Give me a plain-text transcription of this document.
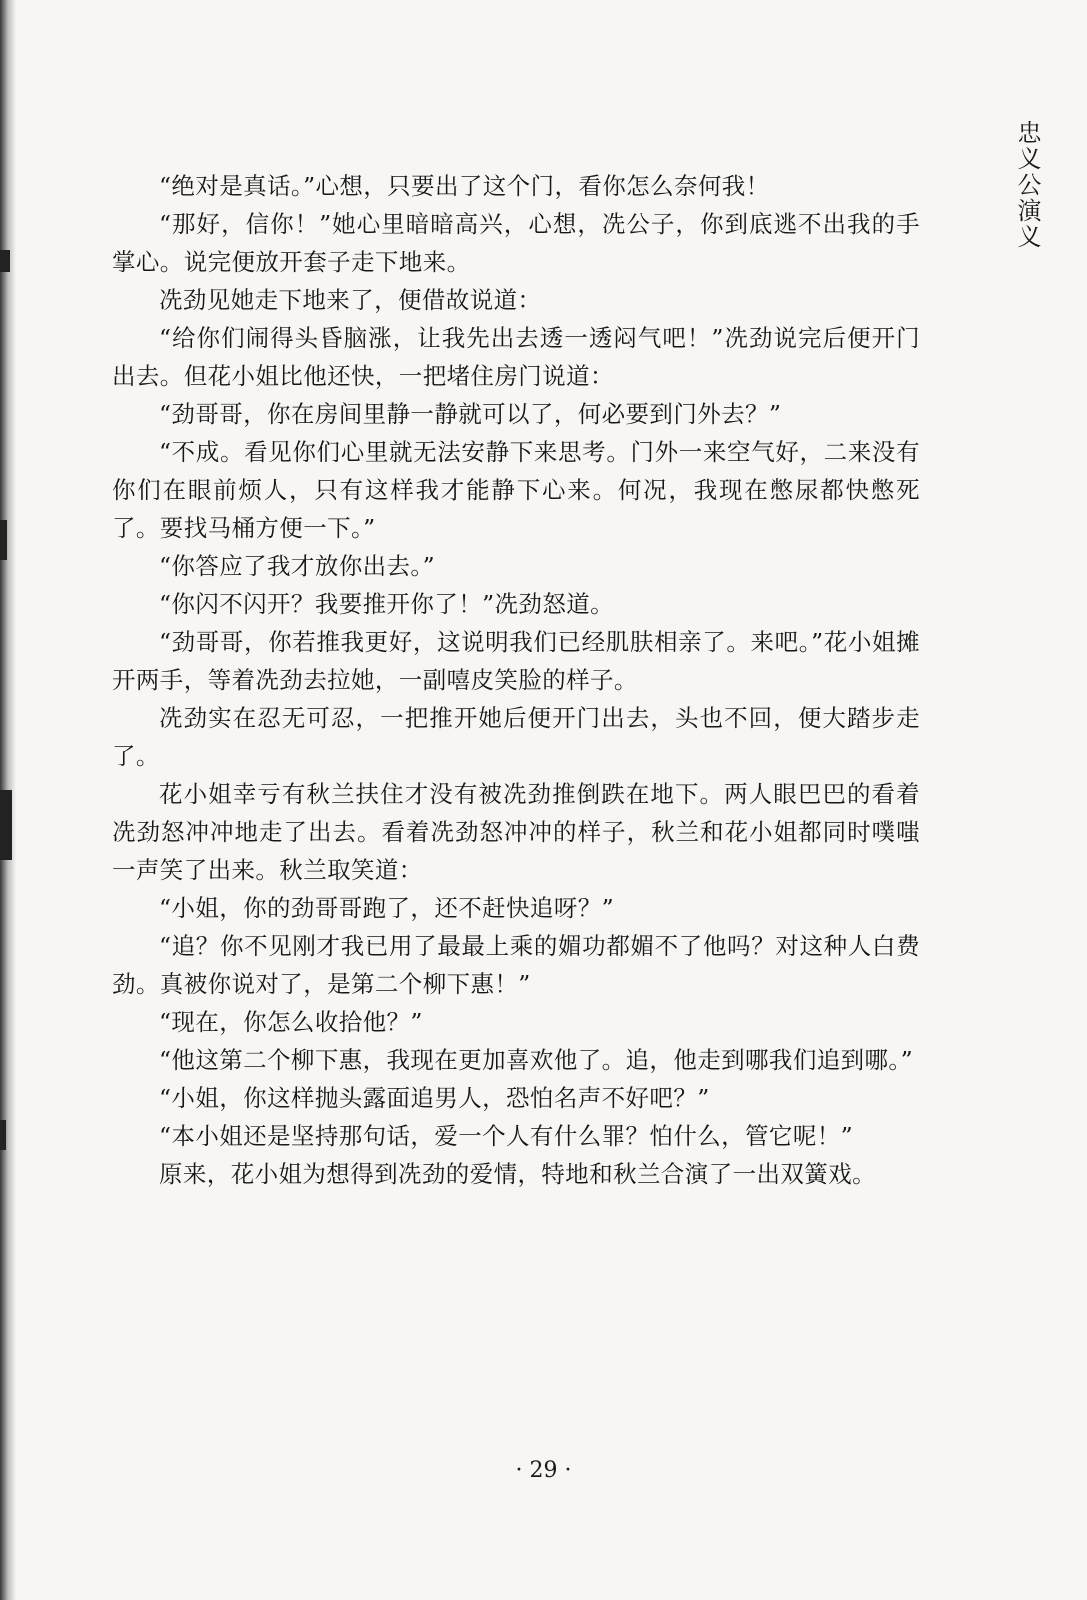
忠义公演义

“绝对是真话。”心想，只要出了这个门，看你怎么奈何我！

“那好，信你！”她心里暗暗高兴，心想，冼公子，你到底逃不出我的手掌心。说完便放开套子走下地来。

冼劲见她走下地来了，便借故说道：

“给你们闹得头昏脑涨，让我先出去透一透闷气吧！”冼劲说完后便开门出去。但花小姐比他还快，一把堵住房门说道：

“劲哥哥，你在房间里静一静就可以了，何必要到门外去？”

“不成。看见你们心里就无法安静下来思考。门外一来空气好，二来没有你们在眼前烦人，只有这样我才能静下心来。何况，我现在憋尿都快憋死了。要找马桶方便一下。”

“你答应了我才放你出去。”

“你闪不闪开？我要推开你了！”冼劲怒道。

“劲哥哥，你若推我更好，这说明我们已经肌肤相亲了。来吧。”花小姐摊开两手，等着冼劲去拉她，一副嘻皮笑脸的样子。

冼劲实在忍无可忍，一把推开她后便开门出去，头也不回，便大踏步走了。

花小姐幸亏有秋兰扶住才没有被冼劲推倒跌在地下。两人眼巴巴的看着冼劲怒冲冲地走了出去。看着冼劲怒冲冲的样子，秋兰和花小姐都同时噗嗤一声笑了出来。秋兰取笑道：

“小姐，你的劲哥哥跑了，还不赶快追呀？”

“追？你不见刚才我已用了最最上乘的媚功都媚不了他吗？对这种人白费劲。真被你说对了，是第二个柳下惠！”

“现在，你怎么收拾他？”

“他这第二个柳下惠，我现在更加喜欢他了。追，他走到哪我们追到哪。”

“小姐，你这样抛头露面追男人，恐怕名声不好吧？”

“本小姐还是坚持那句话，爱一个人有什么罪？怕什么，管它呢！”

原来，花小姐为想得到冼劲的爱情，特地和秋兰合演了一出双簧戏。

· 29 ·
